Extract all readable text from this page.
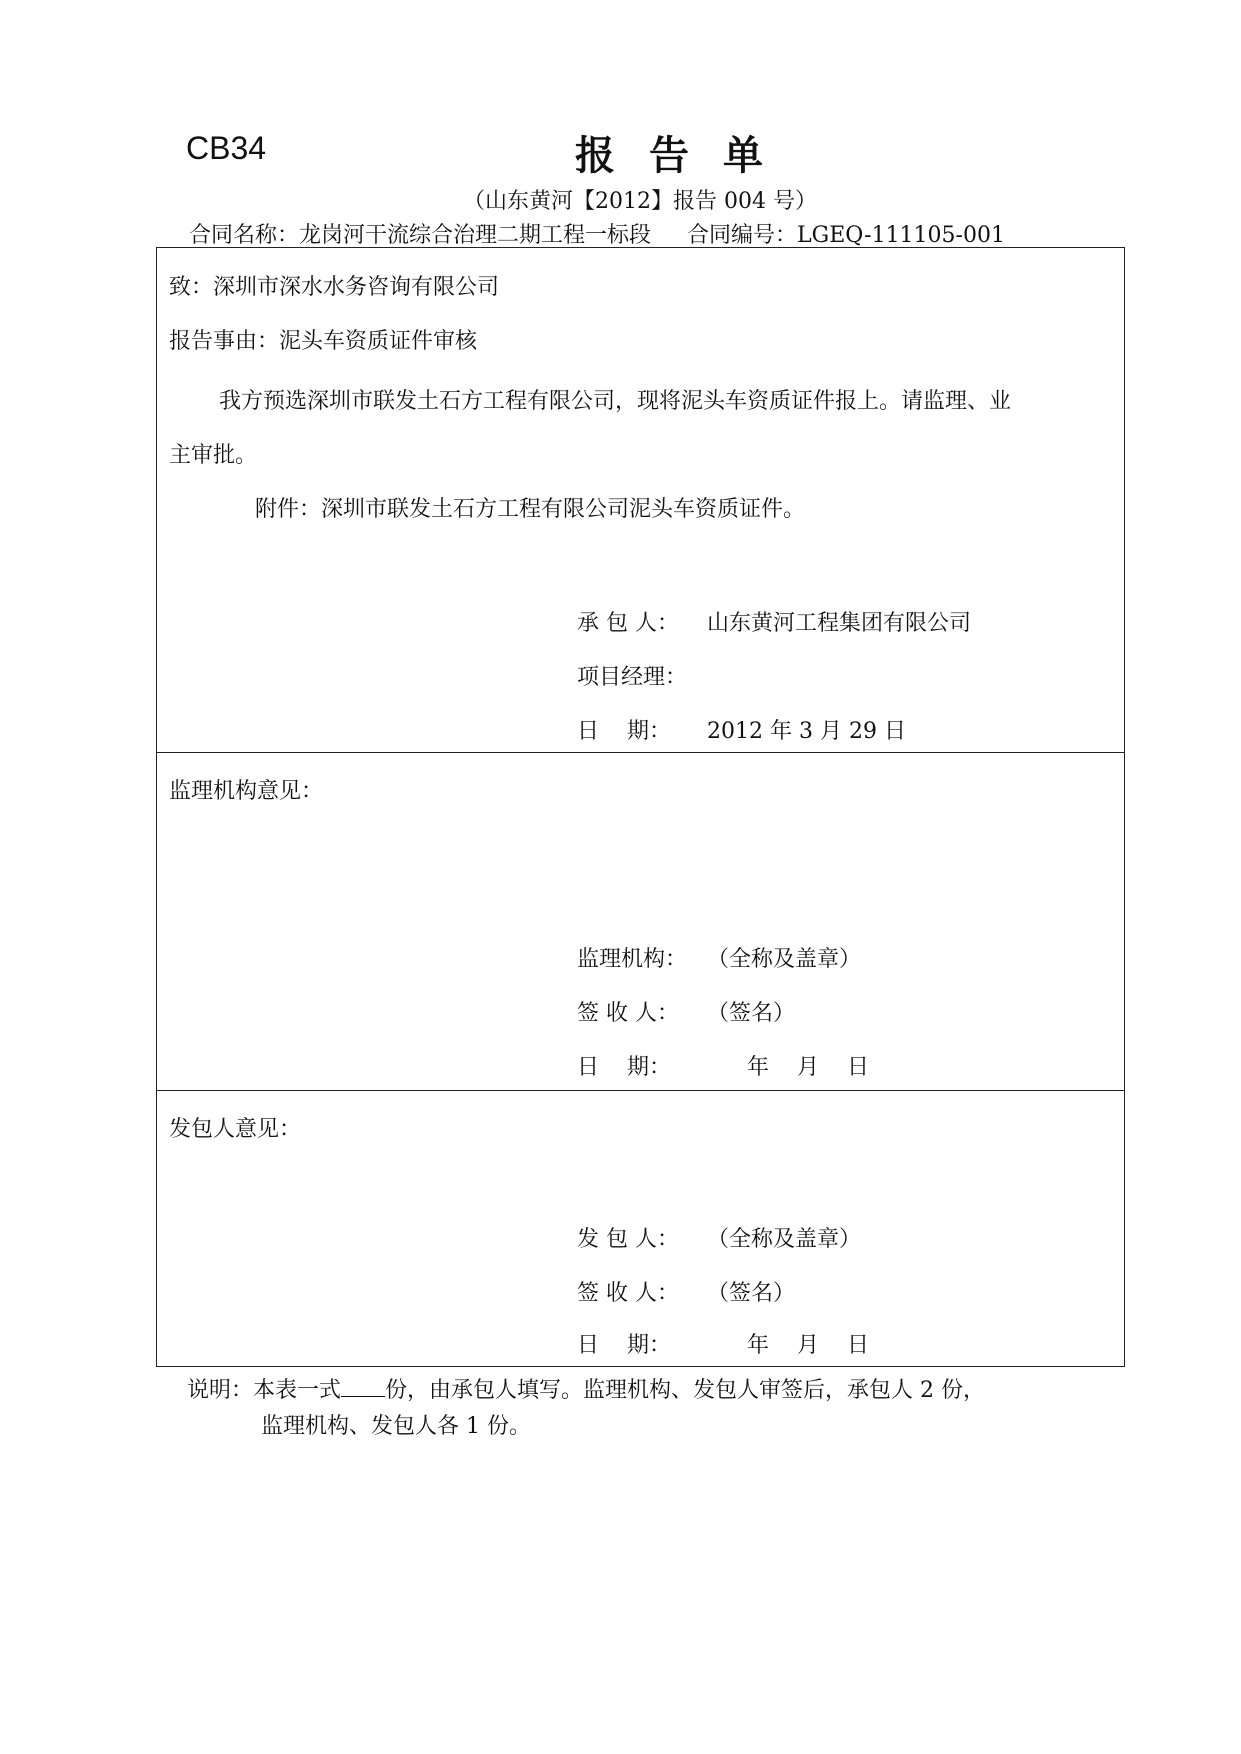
CB34	报告单
（山东黄河【2012】报告 004 号）
合同名称：龙岗河干流综合治理二期工程一标段 合同编号：LGEQ-111105-001
致：深圳市深水水务咨询有限公司
报告事由：泥头车资质证件审核
我方预选深圳市联发土石方工程有限公司，现将泥头车资质证件报上。请监理、业
主审批。
附件：深圳市联发土石方工程有限公司泥头车资质证件。
承 包 人： 山东黄河工程集团有限公司
项目经理：
日    期： 2012 年 3 月 29 日
监理机构意见：
监理机构： （全称及盖章）
签 收 人： （签名）
日    期：	年    月    日
发包人意见：
发 包 人： （全称及盖章）
签 收 人： （签名）
日    期：	年    月    日
说明：本表一式 份，由承包人填写。监理机构、发包人审签后，承包人 2 份，
监理机构、发包人各 1 份。
